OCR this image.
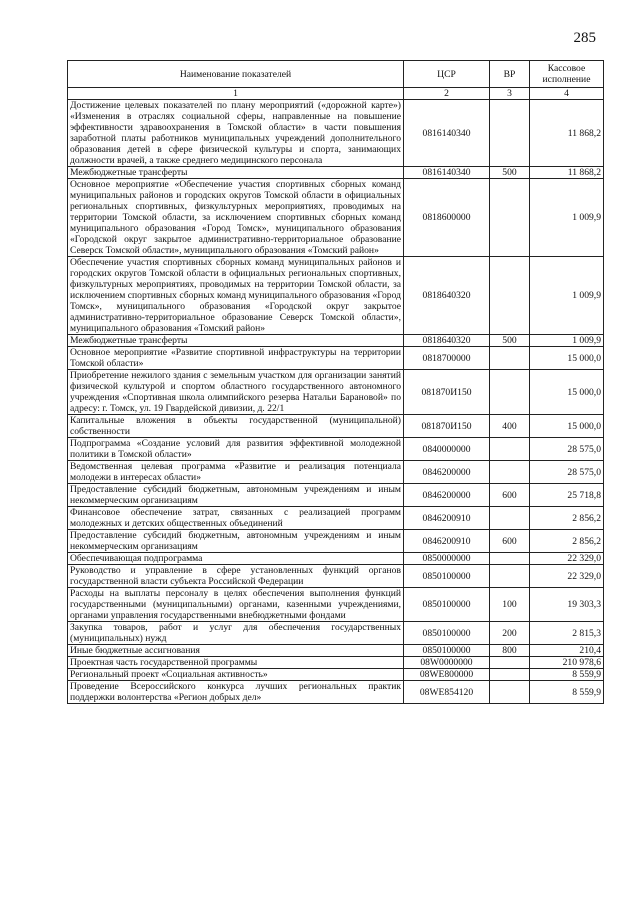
285
Наименование показателей	ЦСР	ВР	Кассовое исполнение
1	2	3	4
Достижение целевых показателей по плану мероприятий («дорожной карте») «Изменения в отраслях социальной сферы, направленные на повышение эффективности здравоохранения в Томской области» в части повышения заработной платы работников муниципальных учреждений дополнительного образования детей в сфере физической культуры и спорта, занимающих должности врачей, а также среднего медицинского персонала	0816140340		11 868,2
Межбюджетные трансферты	0816140340	500	11 868,2
Основное мероприятие «Обеспечение участия спортивных сборных команд муниципальных районов и городских округов Томской области в официальных региональных спортивных, физкультурных мероприятиях, проводимых на территории Томской области, за исключением спортивных сборных команд муниципального образования «Город Томск», муниципального образования «Городской округ закрытое административно-территориальное образование Северск Томской области», муниципального образования «Томский район»	0818600000		1 009,9
Обеспечение участия спортивных сборных команд муниципальных районов и городских округов Томской области в официальных региональных спортивных, физкультурных мероприятиях, проводимых на территории Томской области, за исключением спортивных сборных команд муниципального образования «Город Томск», муниципального образования «Городской округ закрытое административно-территориальное образование Северск Томской области», муниципального образования «Томский район»	0818640320		1 009,9
Межбюджетные трансферты	0818640320	500	1 009,9
Основное мероприятие «Развитие спортивной инфраструктуры на территории Томской области»	0818700000		15 000,0
Приобретение нежилого здания с земельным участком для организации занятий физической культурой и спортом областного государственного автономного учреждения «Спортивная школа олимпийского резерва Натальи Барановой» по адресу: г. Томск, ул. 19 Гвардейской дивизии, д. 22/1	081870И150		15 000,0
Капитальные вложения в объекты государственной (муниципальной) собственности	081870И150	400	15 000,0
Подпрограмма «Создание условий для развития эффективной молодежной политики в Томской области»	0840000000		28 575,0
Ведомственная целевая программа «Развитие и реализация потенциала молодежи в интересах области»	0846200000		28 575,0
Предоставление субсидий бюджетным, автономным учреждениям и иным некоммерческим организациям	0846200000	600	25 718,8
Финансовое обеспечение затрат, связанных с реализацией программ молодежных и детских общественных объединений	0846200910		2 856,2
Предоставление субсидий бюджетным, автономным учреждениям и иным некоммерческим организациям	0846200910	600	2 856,2
Обеспечивающая подпрограмма	0850000000		22 329,0
Руководство и управление в сфере установленных функций органов государственной власти субъекта Российской Федерации	0850100000		22 329,0
Расходы на выплаты персоналу в целях обеспечения выполнения функций государственными (муниципальными) органами, казенными учреждениями, органами управления государственными внебюджетными фондами	0850100000	100	19 303,3
Закупка товаров, работ и услуг для обеспечения государственных (муниципальных) нужд	0850100000	200	2 815,3
Иные бюджетные ассигнования	0850100000	800	210,4
Проектная часть государственной программы	08W0000000		210 978,6
Региональный проект «Социальная активность»	08WE800000		8 559,9
Проведение Всероссийского конкурса лучших региональных практик поддержки волонтерства «Регион добрых дел»	08WE854120		8 559,9
